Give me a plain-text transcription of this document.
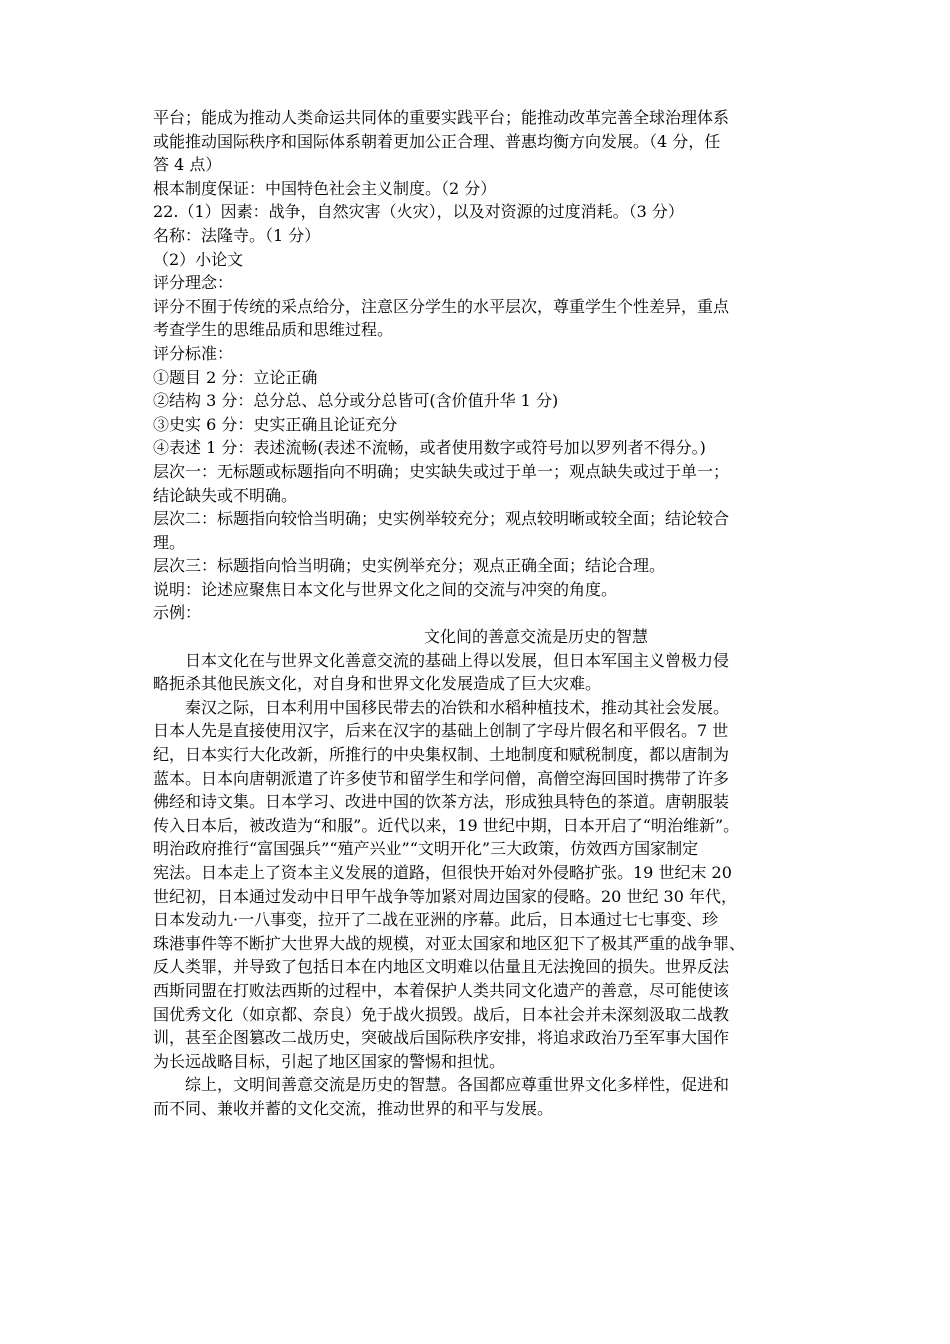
平台；能成为推动人类命运共同体的重要实践平台；能推动改革完善全球治理体系
或能推动国际秩序和国际体系朝着更加公正合理、普惠均衡方向发展。（4 分，任
答 4 点）
根本制度保证：中国特色社会主义制度。（2 分）
22.（1）因素：战争，自然灾害（火灾），以及对资源的过度消耗。（3 分）
名称：法隆寺。（1 分）
（2）小论文
评分理念：
评分不囿于传统的采点给分，注意区分学生的水平层次，尊重学生个性差异，重点
考查学生的思维品质和思维过程。
评分标准：
①题目 2 分：立论正确
②结构 3 分：总分总、总分或分总皆可(含价值升华 1 分)
③史实 6 分：史实正确且论证充分
④表述 1 分：表述流畅(表述不流畅，或者使用数字或符号加以罗列者不得分。)
层次一：无标题或标题指向不明确；史实缺失或过于单一；观点缺失或过于单一；
结论缺失或不明确。
层次二：标题指向较恰当明确；史实例举较充分；观点较明晰或较全面；结论较合
理。
层次三：标题指向恰当明确；史实例举充分；观点正确全面；结论合理。
说明：论述应聚焦日本文化与世界文化之间的交流与冲突的角度。
示例：
文化间的善意交流是历史的智慧
日本文化在与世界文化善意交流的基础上得以发展，但日本军国主义曾极力侵
略扼杀其他民族文化，对自身和世界文化发展造成了巨大灾难。
秦汉之际，日本利用中国移民带去的冶铁和水稻种植技术，推动其社会发展。
日本人先是直接使用汉字，后来在汉字的基础上创制了字母片假名和平假名。7 世
纪，日本实行大化改新，所推行的中央集权制、土地制度和赋税制度，都以唐制为
蓝本。日本向唐朝派遣了许多使节和留学生和学问僧，高僧空海回国时携带了许多
佛经和诗文集。日本学习、改进中国的饮茶方法，形成独具特色的茶道。唐朝服装
传入日本后，被改造为“和服”。近代以来，19 世纪中期，日本开启了“明治维新”。
明治政府推行“富国强兵”“殖产兴业”“文明开化”三大政策，仿效西方国家制定
宪法。日本走上了资本主义发展的道路，但很快开始对外侵略扩张。19 世纪末 20
世纪初，日本通过发动中日甲午战争等加紧对周边国家的侵略。20 世纪 30 年代，
日本发动九·一八事变，拉开了二战在亚洲的序幕。此后，日本通过七七事变、珍
珠港事件等不断扩大世界大战的规模，对亚太国家和地区犯下了极其严重的战争罪、
反人类罪，并导致了包括日本在内地区文明难以估量且无法挽回的损失。世界反法
西斯同盟在打败法西斯的过程中，本着保护人类共同文化遗产的善意，尽可能使该
国优秀文化（如京都、奈良）免于战火损毁。战后，日本社会并未深刻汲取二战教
训，甚至企图篡改二战历史，突破战后国际秩序安排，将追求政治乃至军事大国作
为长远战略目标，引起了地区国家的警惕和担忧。
综上，文明间善意交流是历史的智慧。各国都应尊重世界文化多样性，促进和
而不同、兼收并蓄的文化交流，推动世界的和平与发展。
